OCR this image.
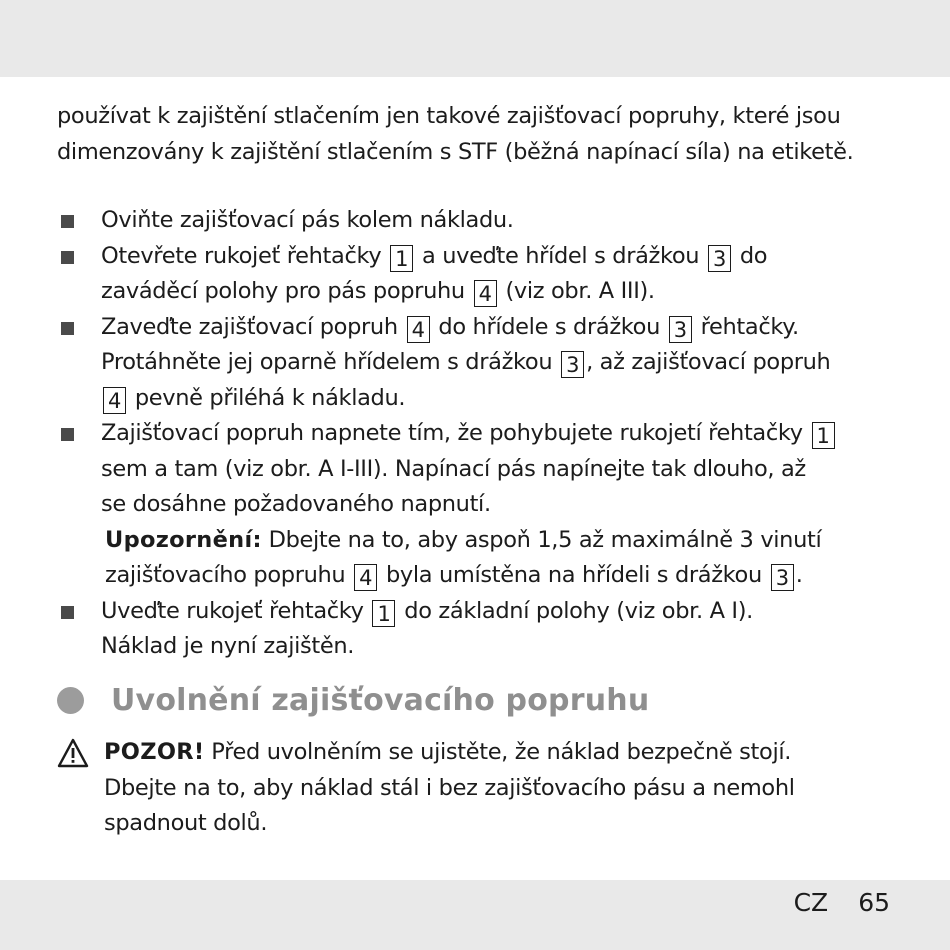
používat k zajištění stlačením jen takové zajišťovací popruhy, které jsou

dimenzovány k zajištění stlačením s STF (běžná napínací síla) na etiketě.

Oviňte zajišťovací pás kolem nákladu.
Otevřete rukojeť řehtačky 1 a uveďte hřídel s drážkou 3 do
zaváděcí polohy pro pás popruhu 4 (viz obr. A III).
Zaveďte zajišťovací popruh 4 do hřídele s drážkou 3 řehtačky.
Protáhněte jej oparně hřídelem s drážkou 3 , až zajišťovací popruh
4 pevně přiléhá k nákladu.
Zajišťovací popruh napnete tím, že pohybujete rukojetí řehtačky 1
sem a tam (viz obr. A I-III). Napínací pás napínejte tak dlouho, až
se dosáhne požadovaného napnutí.
Upozornění: Dbejte na to, aby aspoň 1,5 až maximálně 3 vinutí
zajišťovacího popruhu 4 byla umístěna na hřídeli s drážkou 3 .
Uveďte rukojeť řehtačky 1 do základní polohy (viz obr. A I).
Náklad je nyní zajištěn.
Uvolnění zajišťovacího popruhu
POZOR! Před uvolněním se ujistěte, že náklad bezpečně stojí.
Dbejte na to, aby náklad stál i bez zajišťovacího pásu a nemohl
spadnout dolů.
CZ 65
